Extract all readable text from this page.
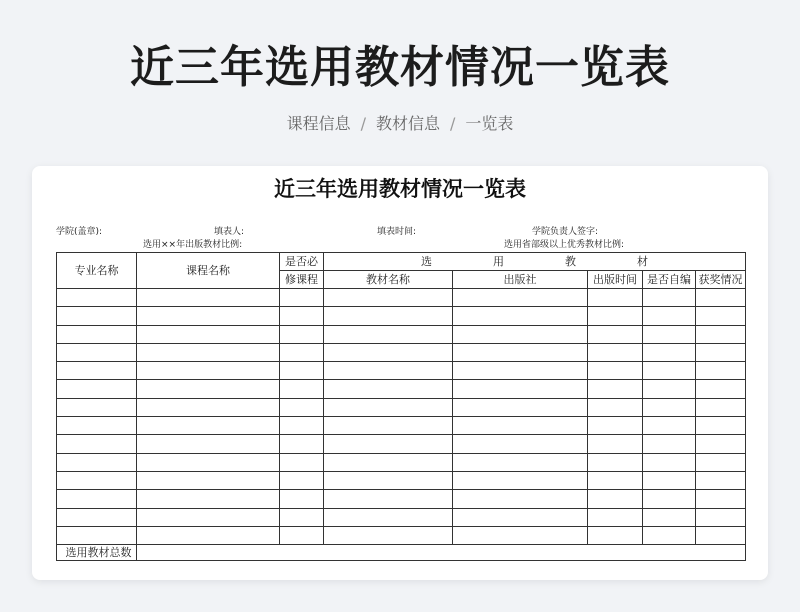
近三年选用教材情况一览表
课程信息 / 教材信息 / 一览表
近三年选用教材情况一览表
学院(盖章):	填表人:	填表时间:	学院负责人签字:
选用××年出版教材比例:	选用省部级以上优秀教材比例:
专业名称	课程名称	是否必	选 用 教 材				
		修课程	教材名称	出版社	出版时间	是否自编	获奖情况

选用教材总数							
